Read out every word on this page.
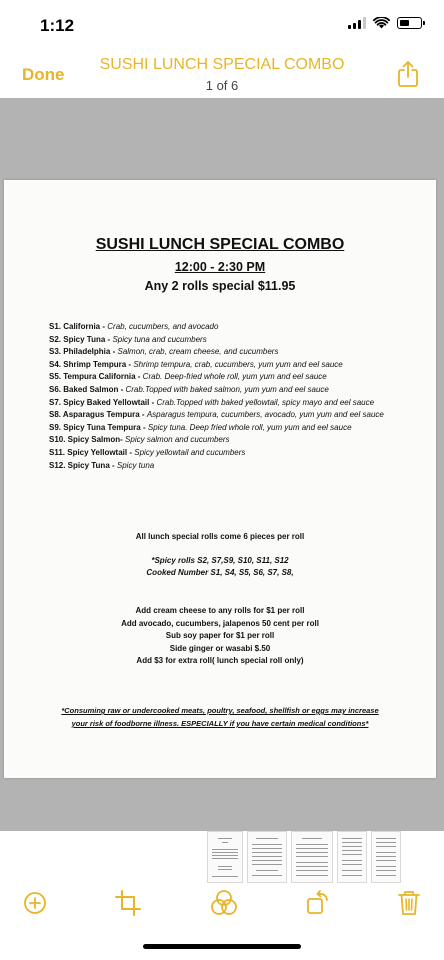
1:12
Done
SUSHI LUNCH SPECIAL COMBO
1 of 6
SUSHI LUNCH SPECIAL COMBO
12:00 - 2:30 PM
Any 2 rolls special $11.95
S1. California - Crab, cucumbers, and avocado
S2. Spicy Tuna - Spicy tuna and cucumbers
S3. Philadelphia - Salmon, crab, cream cheese, and cucumbers
S4. Shrimp Tempura - Shrimp tempura, crab, cucumbers, yum yum and eel sauce
S5. Tempura California - Crab. Deep-fried whole roll, yum yum and eel sauce
S6. Baked Salmon - Crab.Topped with baked salmon, yum yum and eel sauce
S7. Spicy Baked Yellowtail - Crab.Topped with baked yellowtail, spicy mayo and eel sauce
S8. Asparagus Tempura - Asparagus tempura, cucumbers, avocado, yum yum and eel sauce
S9. Spicy Tuna Tempura - Spicy tuna. Deep fried whole roll, yum yum and eel sauce
S10. Spicy Salmon- Spicy salmon and cucumbers
S11. Spicy Yellowtail - Spicy yellowtail and cucumbers
S12. Spicy Tuna - Spicy tuna
All lunch special rolls come 6 pieces per roll
*Spicy rolls S2, S7,S9, S10, S11, S12
Cooked Number S1, S4, S5, S6, S7, S8,
Add cream cheese to any rolls for $1 per roll
Add avocado, cucumbers, jalapenos 50 cent per roll
Sub soy paper for $1 per roll
Side ginger or wasabi $.50
Add $3 for extra roll( lunch special roll only)
*Consuming raw or undercooked meats, poultry, seafood, shellfish or eggs may increase
your risk of foodborne illness. ESPECIALLY if you have certain medical conditions*
